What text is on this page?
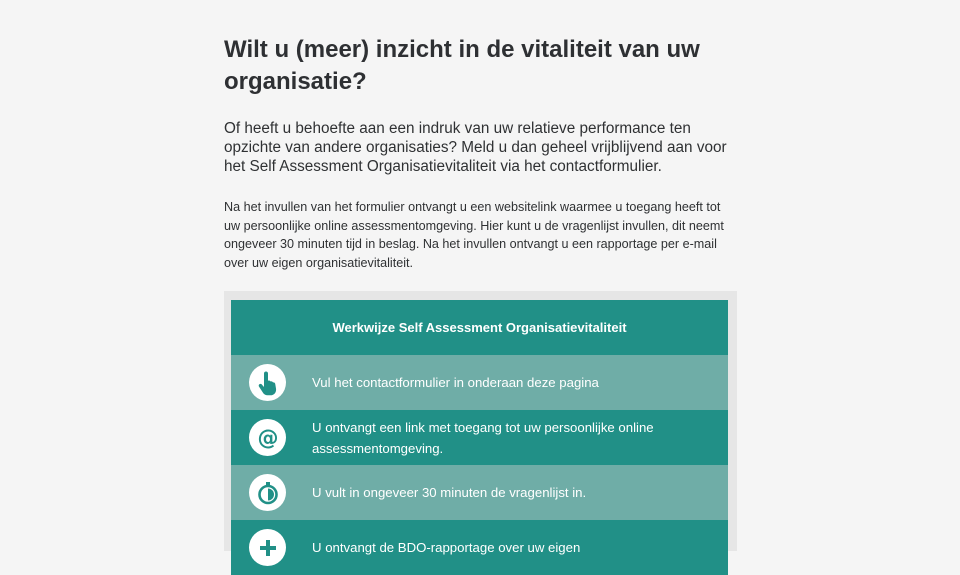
Wilt u (meer) inzicht in de vitaliteit van uw organisatie?

Of heeft u behoefte aan een indruk van uw relatieve performance ten opzichte van andere organisaties? Meld u dan geheel vrijblijvend aan voor het Self Assessment Organisatievitaliteit via het contactformulier.

Na het invullen van het formulier ontvangt u een websitelink waarmee u toegang heeft tot uw persoonlijke online assessmentomgeving. Hier kunt u de vragenlijst invullen, dit neemt ongeveer 30 minuten tijd in beslag. Na het invullen ontvangt u een rapportage per e-mail over uw eigen organisatievitaliteit.

Werkwijze Self Assessment Organisatievitaliteit
Vul het contactformulier in onderaan deze pagina
@	U ontvangt een link met toegang tot uw persoonlijke online assessmentomgeving.
U vult in ongeveer 30 minuten de vragenlijst in.
U ontvangt de BDO-rapportage over uw eigen
